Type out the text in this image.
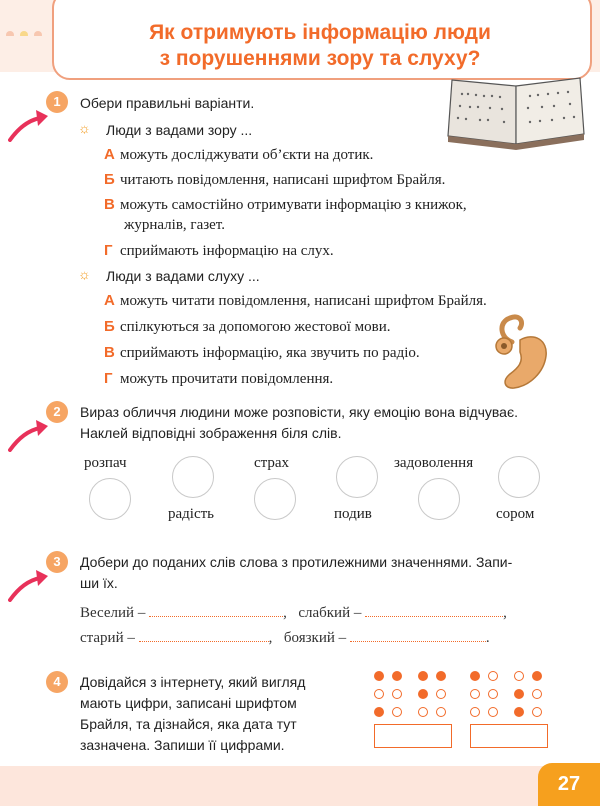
Як отримують інформацію люди
з порушеннями зору та слуху?
1	Обери правильні варіанти.
☼ Люди з вадами зору ...
А можуть досліджувати об’єкти на дотик.
Б читають повідомлення, написані шрифтом Брайля.
В можуть самостійно отримувати інформацію з книжок,
журналів, газет.
Г сприймають інформацію на слух.
☼ Люди з вадами слуху ...
А можуть читати повідомлення, написані шрифтом Брайля.
Б спілкуються за допомогою жестової мови.
В сприймають інформацію, яка звучить по радіо.
Г можуть прочитати повідомлення.
2	Вираз обличчя людини може розповісти, яку емоцію вона відчуває.
Наклей відповідні зображення біля слів.
розпач
радість
страх
подив
задоволення
сором
3	Добери до поданих слів слова з протилежними значеннями. Запи-
ши їх.
Веселий –	, слабкий –	,
старий –	, боязкий –	.
4	Довідайся з інтернету, який вигляд
мають цифри, записані шрифтом
Брайля, та дізнайся, яка дата тут
зазначена. Запиши її цифрами.
27
